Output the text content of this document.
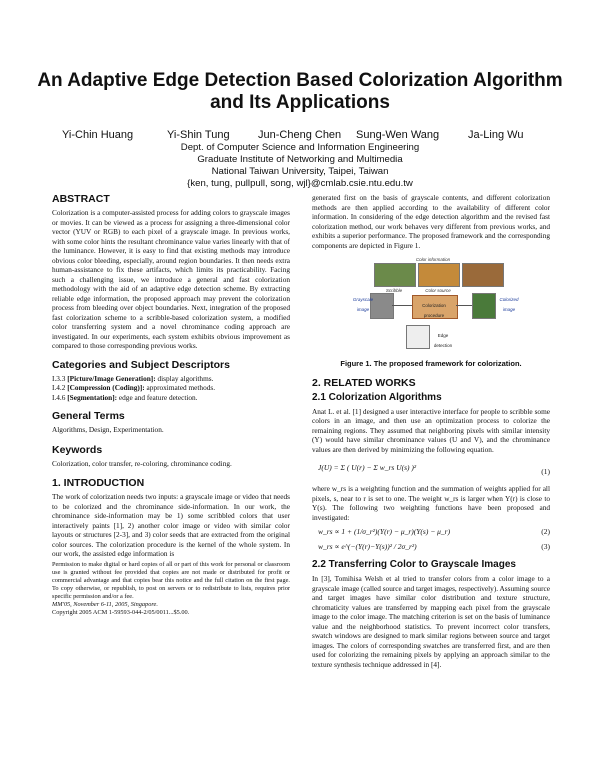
An Adaptive Edge Detection Based Colorization Algorithm
and Its Applications
Yi-Chin Huang	Yi-Shin Tung	Jun-Cheng Chen Sung-Wen Wang	Ja-Ling Wu
Dept. of Computer Science and Information Engineering
Graduate Institute of Networking and Multimedia
National Taiwan University, Taipei, Taiwan
{ken, tung, pullpull, song, wjl}@cmlab.csie.ntu.edu.tw
ABSTRACT

Colorization is a computer-assisted process for adding colors to grayscale images or movies. It can be viewed as a process for assigning a three-dimensional color vector (YUV or RGB) to each pixel of a grayscale image. In previous works, with some color hints the resultant chrominance value varies linearly with that of the luminance. However, it is easy to find that existing methods may introduce obvious color bleeding, especially, around region boundaries. It then needs extra human-assistance to fix these artifacts, which limits its practicability. Facing such a challenging issue, we introduce a general and fast colorization methodology with the aid of an adaptive edge detection scheme. By extracting reliable edge information, the proposed approach may prevent the colorization process from bleeding over object boundaries. Next, integration of the proposed fast colorization scheme to a scribble-based colorization system, a modified color transferring system and a novel chrominance coding approach are investigated. In our experiments, each system exhibits obvious improvement as compared to those corresponding previous works.

Categories and Subject Descriptors
I.3.3 [Picture/Image Generation]: display algorithms.
I.4.2 [Compression (Coding)]: approximated methods.
I.4.6 [Segmentation]: edge and feature detection.
General Terms

Algorithms, Design, Experimentation.

Keywords

Colorization, color transfer, re-coloring, chrominance coding.

1. INTRODUCTION

The work of colorization needs two inputs: a grayscale image or video that needs to be colorized and the chrominance side-information. In our work, the chrominance side-information may be 1) some scribbled colors that user interactively paints [1], 2) another color image or video with similar color layouts or structures [2-3], and 3) color seeds that are extracted from the original color sources. The colorization procedure is the kernel of the whole system. In our work, the assisted edge information is

Permission to make digital or hard copies of all or part of this work for personal or classroom use is granted without fee provided that copies are not made or distributed for profit or commercial advantage and that copies bear this notice and the full citation on the first page. To copy otherwise, or republish, to post on servers or to redistribute to lists, requires prior specific permission and/or a fee.
MM'05, November 6-11, 2005, Singapore.
Copyright 2005 ACM 1-59593-044-2/05/0011...$5.00.

generated first on the basis of grayscale contents, and different colorization methods are then applied according to the availability of different color information. In considering of the edge detection algorithm and the revised fast colorization method, our work behaves very different from previous works, and exhibits a superior performance. The proposed framework and the corresponding components are depicted in Figure 1.

Color information
Scribble	Color source
Grayscale image
Colorization procedure
Colorized image
Edge detection
Figure 1. The proposed framework for colorization.
2. RELATED WORKS
2.1 Colorization Algorithms

Anat L. et al. [1] designed a user interactive interface for people to scribble some colors in an image, and then use an optimization process to colorize the remaining regions. They assumed that neighboring pixels with similar intensity (Y) would have similar chrominance values (U and V), and the chrominance values are then derived by minimizing the following equation.

J(U) = Σ ( U(r) − Σ w_rs U(s) )²	(1)

where w_rs is a weighting function and the summation of weights applied for all pixels, s, near to r is set to one. The weight w_rs is larger when Y(r) is close to Y(s). The following two weighting functions have been proposed and investigated:

w_rs ∝ 1 + (1/σ_r²)(Y(r) − μ_r)(Y(s) − μ_r)	(2)
w_rs ∝ e^(−(Y(r)−Y(s))² / 2σ_r²)	(3)
2.2 Transferring Color to Grayscale Images

In [3], Tomihisa Welsh et al tried to transfer colors from a color image to a grayscale image (called source and target images, respectively). Assuming source and target images have similar color distribution and texture structure, chromaticity values are transferred by mapping each pixel from the grayscale image to the color image. The matching criterion is set on the basis of luminance value and the neighborhood statistics. To prevent incorrect color transfers, swatch windows are designed to mark similar regions between source and target images. The colors of corresponding swatches are transferred first, and are then used for colorizing the remaining pixels by applying an approach similar to the texture synthesis technique addressed in [4].
